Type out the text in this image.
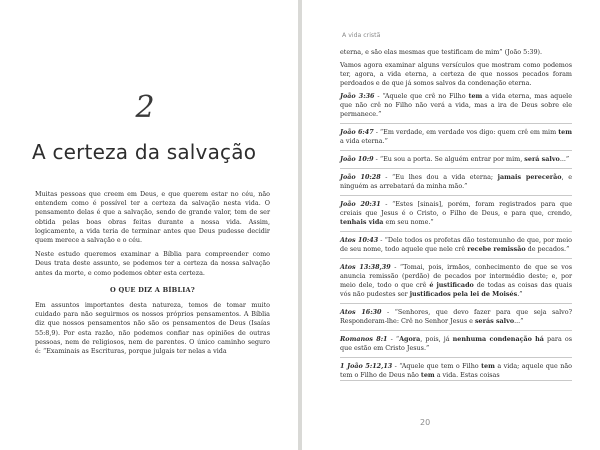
2
A certeza da salvação

Muitas pessoas que creem em Deus, e que querem estar no céu, não entendem como é possível ter a certeza da salvação nesta vida. O pensamento delas é que a salvação, sendo de grande valor, tem de ser obtida pelas boas obras feitas durante a nossa vida. Assim, logicamente, a vida teria de terminar antes que Deus pudesse decidir quem merece a salvação e o céu.

Neste estudo queremos examinar a Bíblia para compreender como Deus trata deste assunto, se podemos ter a certeza da nossa salvação antes da morte, e como podemos obter esta certeza.

O QUE DIZ A BÍBLIA?

Em assuntos importantes desta natureza, temos de tomar muito cuidado para não seguirmos os nossos próprios pensamentos. A Bíblia diz que nossos pensamentos não são os pensamentos de Deus (Isaías 55:8,9). Por esta razão, não podemos confiar nas opiniões de outras pessoas, nem de religiosos, nem de parentes. O único caminho seguro é: “Examinais as Escrituras, porque julgais ter nelas a vida

A vida cristã

eterna, e são elas mesmas que testificam de mim” (João 5:39).

Vamos agora examinar alguns versículos que mostram como podemos ter, agora, a vida eterna, a certeza de que nossos pecados foram perdoados e de que já somos salvos da condenação eterna.

João 3:36 - “Aquele que crê no Filho tem a vida eterna, mas aquele que não crê no Filho não verá a vida, mas a ira de Deus sobre ele permanece.”

João 6:47 - “Em verdade, em verdade vos digo: quem crê em mim tem a vida eterna.”

João 10:9 - “Eu sou a porta. Se alguém entrar por mim, será salvo...”

João 10:28 - “Eu lhes dou a vida eterna; jamais perecerão, e ninguém as arrebatará da minha mão.”

João 20:31 - “Estes [sinais], porém, foram registrados para que creiais que Jesus é o Cristo, o Filho de Deus, e para que, crendo, tenhais vida em seu nome.”

Atos 10:43 - “Dele todos os profetas dão testemunho de que, por meio de seu nome, todo aquele que nele crê recebe remissão de pecados.”

Atos 13:38,39 - “Tomai, pois, irmãos, conhecimento de que se vos anuncia remissão (perdão) de pecados por intermédio deste; e, por meio dele, todo o que crê é justificado de todas as coisas das quais vós não pudestes ser justificados pela lei de Moisés.”

Atos 16:30 - “Senhores, que devo fazer para que seja salvo? Responderam-lhe: Crê no Senhor Jesus e serás salvo...”

Romanos 8:1 - “Agora, pois, já nenhuma condenação há para os que estão em Cristo Jesus.”

1 João 5:12,13 - “Aquele que tem o Filho tem a vida; aquele que não tem o Filho de Deus não tem a vida. Estas coisas

20
